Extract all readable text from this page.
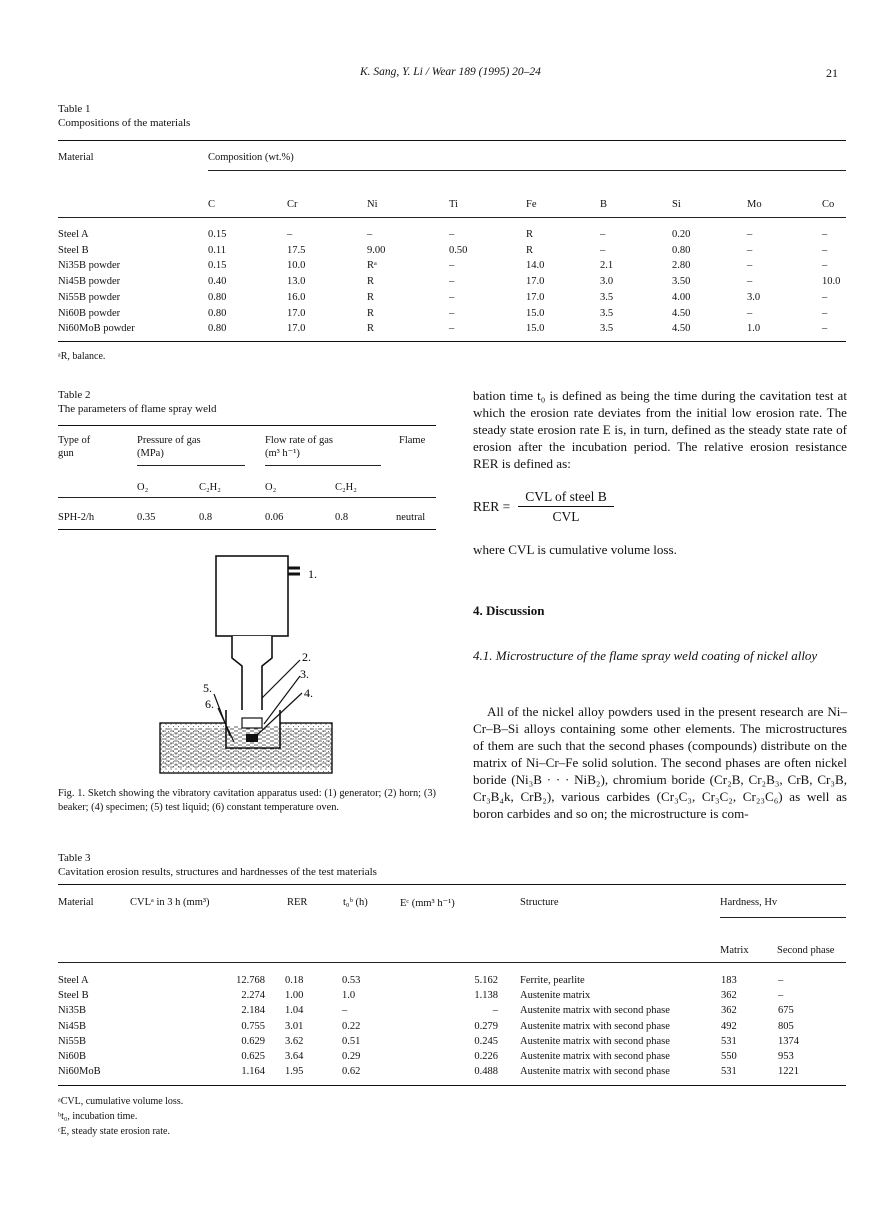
K. Sang, Y. Li / Wear 189 (1995) 20–24	21
Table 1
Compositions of the materials
Material	Composition (wt.%)
C	Cr	Ni	Ti	Fe	B	Si	Mo	Co
Steel A	0.15	–	–	–	R	–	0.20	–	–
Steel B	0.11	17.5	9.00	0.50	R	–	0.80	–	–
Ni35B powder	0.15	10.0	Rᵃ	–	14.0	2.1	2.80	–	–
Ni45B powder	0.40	13.0	R	–	17.0	3.0	3.50	–	10.0
Ni55B powder	0.80	16.0	R	–	17.0	3.5	4.00	3.0	–
Ni60B powder	0.80	17.0	R	–	15.0	3.5	4.50	–	–
Ni60MoB powder	0.80	17.0	R	–	15.0	3.5	4.50	1.0	–
ᵃR, balance.
Table 2
The parameters of flame spray weld
Type of
gun
Pressure of gas
(MPa)
Flow rate of gas
(m³ h⁻¹)
Flame
O₂	C₂H₂	O₂	C₂H₂
SPH-2/h	0.35	0.8	0.06	0.8	neutral
1.
2.
3.
4.
5.
6.
Fig. 1. Sketch showing the vibratory cavitation apparatus used: (1) generator; (2) horn; (3) beaker; (4) specimen; (5) test liquid; (6) constant temperature oven.

bation time t₀ is defined as being the time during the cavitation test at which the erosion rate deviates from the initial low erosion rate. The steady state erosion rate E is, in turn, defined as the steady state rate of erosion after the incubation period. The relative erosion resistance RER is defined as:

RER =
CVL of steel B
CVL
where CVL is cumulative volume loss.
4. Discussion
4.1. Microstructure of the flame spray weld coating of nickel alloy
All of the nickel alloy powders used in the present research are Ni–Cr–B–Si alloys containing some other elements. The microstructures of them are such that the second phases (compounds) distribute on the matrix of Ni–Cr–Fe solid solution. The second phases are often nickel boride (Ni₃B · · · NiB₂), chromium boride (Cr₂B, Cr₂B₃, CrB, Cr₃B, Cr₃B₄k, CrB₂), various carbides (Cr₃C₃, Cr₃C₂, Cr₂₃C₆) as well as boron carbides and so on; the microstructure is com-
Table 3
Cavitation erosion results, structures and hardnesses of the test materials
Material	CVLᵃ in 3 h (mm³)	RER	t₀ᵇ (h)	Eᶜ (mm³ h⁻¹)	Structure	Hardness, Hv
Matrix	Second phase
Steel A	12.768 0.18	0.53	5.162 Ferrite, pearlite	183	–
Steel B	2.274 1.00	1.0	1.138 Austenite matrix	362	–
Ni35B	2.184 1.04	–	– Austenite matrix with second phase	362	675
Ni45B	0.755 3.01	0.22	0.279 Austenite matrix with second phase	492	805
Ni55B	0.629 3.62	0.51	0.245 Austenite matrix with second phase	531	1374
Ni60B	0.625 3.64	0.29	0.226 Austenite matrix with second phase	550	953
Ni60MoB	1.164 1.95	0.62	0.488 Austenite matrix with second phase	531	1221
ᵃCVL, cumulative volume loss.
ᵇt₀, incubation time.
ᶜE, steady state erosion rate.
